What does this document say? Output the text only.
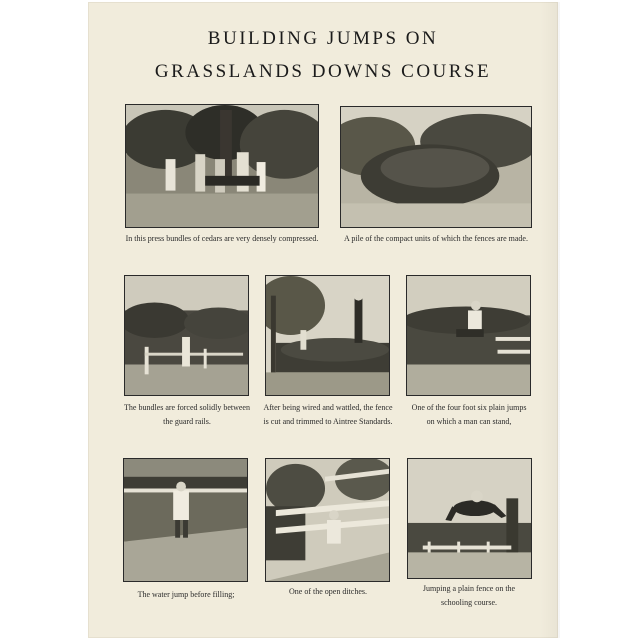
BUILDING JUMPS ON
GRASSLANDS DOWNS COURSE

In this press bundles of cedars are very densely compressed.	A pile of the compact units of which the fences are made.

The bundles are forced solidly between
the guard rails.

After being wired and wattled, the fence
is cut and trimmed to Aintree Standards.

One of the four foot six plain jumps
on which a man can stand,

The water jump before filling;	One of the open ditches.	Jumping a plain fence on the
schooling course.
